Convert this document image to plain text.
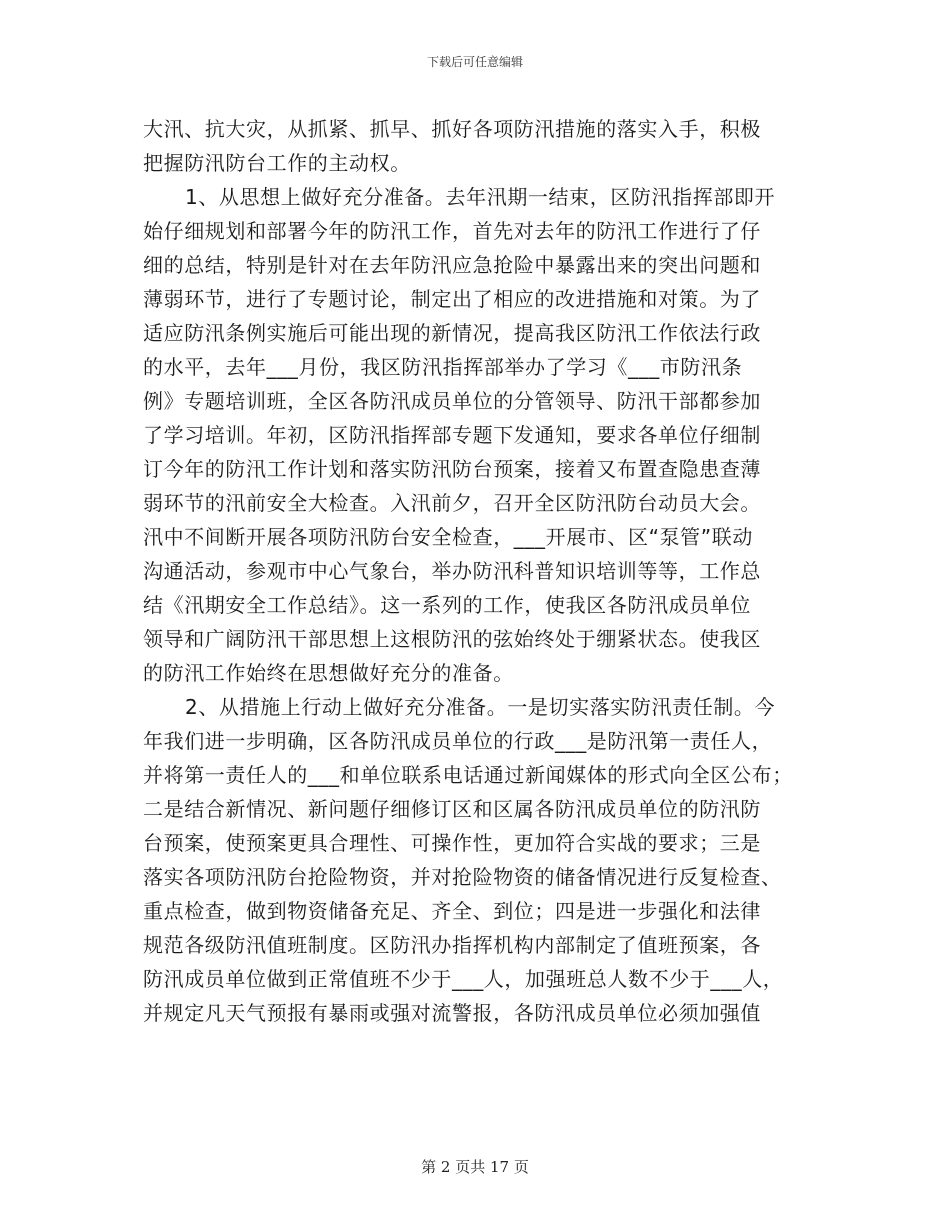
下载后可任意编辑
大汛、抗大灾，从抓紧、抓早、抓好各项防汛措施的落实入手，积极
把握防汛防台工作的主动权。
1、从思想上做好充分准备。去年汛期一结束，区防汛指挥部即开
始仔细规划和部署今年的防汛工作，首先对去年的防汛工作进行了仔
细的总结，特别是针对在去年防汛应急抢险中暴露出来的突出问题和
薄弱环节，进行了专题讨论，制定出了相应的改进措施和对策。为了
适应防汛条例实施后可能出现的新情况，提高我区防汛工作依法行政
的水平，去年___月份，我区防汛指挥部举办了学习《___市防汛条
例》专题培训班，全区各防汛成员单位的分管领导、防汛干部都参加
了学习培训。年初，区防汛指挥部专题下发通知，要求各单位仔细制
订今年的防汛工作计划和落实防汛防台预案，接着又布置查隐患查薄
弱环节的汛前安全大检查。入汛前夕，召开全区防汛防台动员大会。
汛中不间断开展各项防汛防台安全检查，___开展市、区“泵管”联动
沟通活动，参观市中心气象台，举办防汛科普知识培训等等，工作总
结《汛期安全工作总结》。这一系列的工作，使我区各防汛成员单位
领导和广阔防汛干部思想上这根防汛的弦始终处于绷紧状态。使我区
的防汛工作始终在思想做好充分的准备。
2、从措施上行动上做好充分准备。一是切实落实防汛责任制。今
年我们进一步明确，区各防汛成员单位的行政___是防汛第一责任人，
并将第一责任人的___和单位联系电话通过新闻媒体的形式向全区公布；
二是结合新情况、新问题仔细修订区和区属各防汛成员单位的防汛防
台预案，使预案更具合理性、可操作性，更加符合实战的要求；三是
落实各项防汛防台抢险物资，并对抢险物资的储备情况进行反复检查、
重点检查，做到物资储备充足、齐全、到位；四是进一步强化和法律
规范各级防汛值班制度。区防汛办指挥机构内部制定了值班预案，各
防汛成员单位做到正常值班不少于___人，加强班总人数不少于___人，
并规定凡天气预报有暴雨或强对流警报，各防汛成员单位必须加强值
第 2 页共 17 页
